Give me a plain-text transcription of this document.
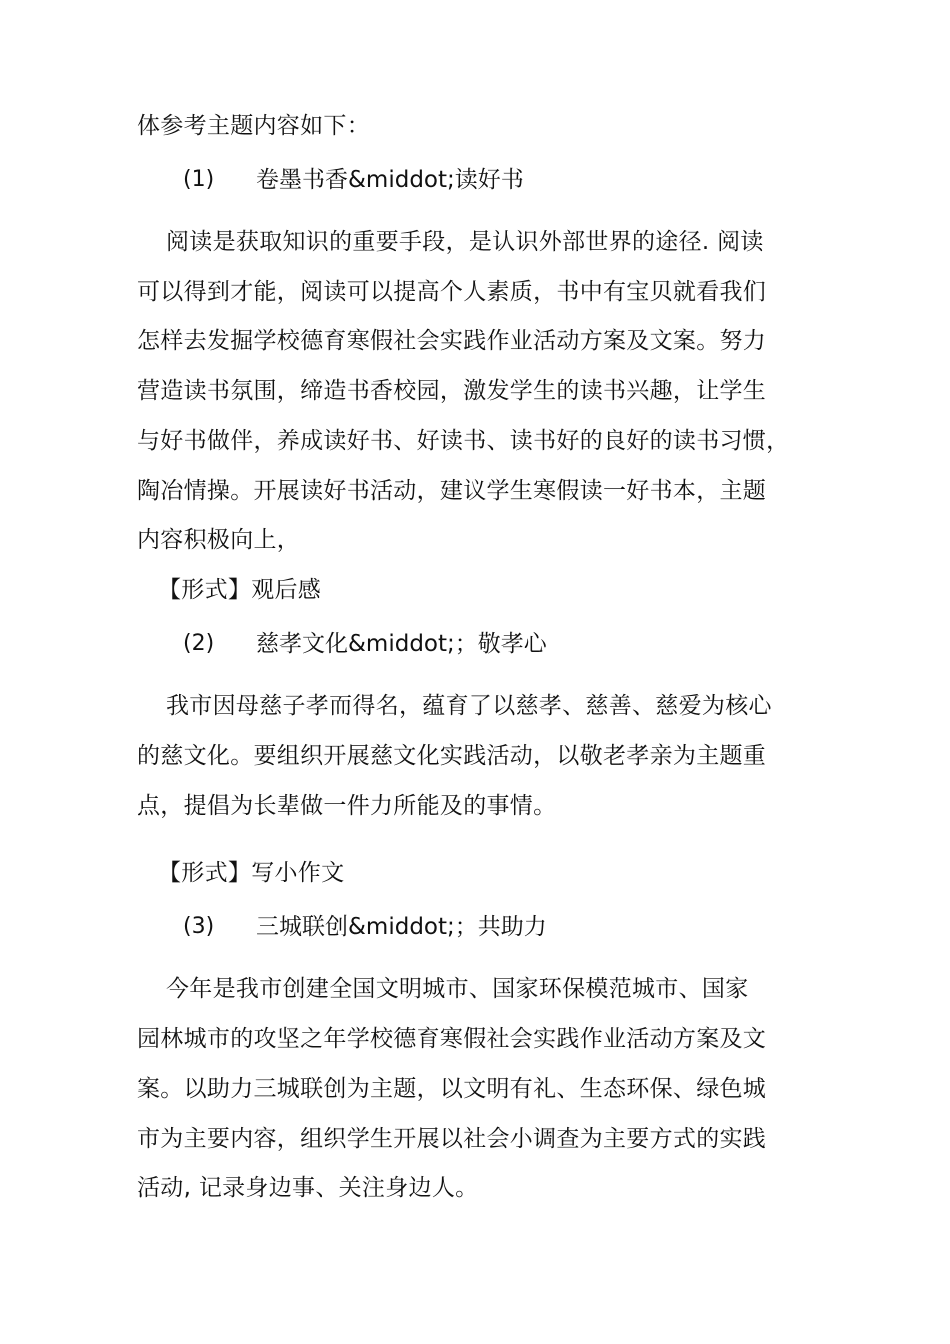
体参考主题内容如下：
(1) 卷墨书香&middot;读好书
阅读是获取知识的重要手段，是认识外部世界的途径. 阅读
可以得到才能，阅读可以提高个人素质，书中有宝贝就看我们
怎样去发掘学校德育寒假社会实践作业活动方案及文案。努力
营造读书氛围，缔造书香校园，激发学生的读书兴趣，让学生
与好书做伴，养成读好书、好读书、读书好的良好的读书习惯，
陶冶情操。开展读好书活动，建议学生寒假读一好书本，主题
内容积极向上，
【形式】观后感
(2) 慈孝文化&middot;；敬孝心
我市因母慈子孝而得名，蕴育了以慈孝、慈善、慈爱为核心
的慈文化。要组织开展慈文化实践活动，以敬老孝亲为主题重
点，提倡为长辈做一件力所能及的事情。
【形式】写小作文
(3) 三城联创&middot;；共助力
今年是我市创建全国文明城市、国家环保模范城市、国家
园林城市的攻坚之年学校德育寒假社会实践作业活动方案及文
案。以助力三城联创为主题，以文明有礼、生态环保、绿色城
市为主要内容，组织学生开展以社会小调查为主要方式的实践
活动, 记录身边事、关注身边人。
